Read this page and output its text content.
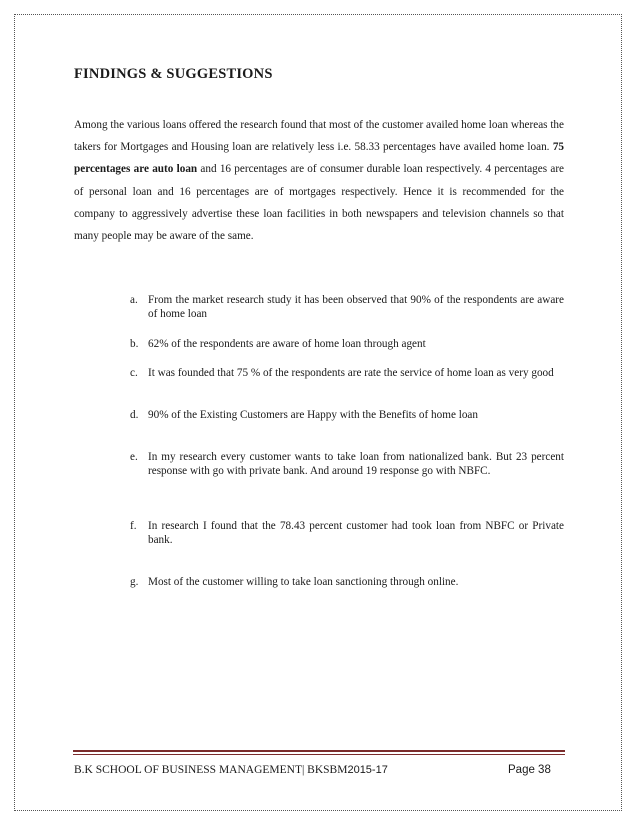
FINDINGS & SUGGESTIONS
Among the various loans offered the research found that most of the customer availed home loan whereas the takers for Mortgages and Housing loan are relatively less i.e. 58.33 percentages have availed home loan. 75 percentages are auto loan and 16 percentages are of consumer durable loan respectively. 4 percentages are of personal loan and 16 percentages are of mortgages respectively. Hence it is recommended for the company to aggressively advertise these loan facilities in both newspapers and television channels so that many people may be aware of the same.
a. From the market research study it has been observed that 90% of the respondents are aware of home loan
b. 62% of the respondents are aware of home loan through agent
c. It was founded that 75 % of the respondents are rate the service of home loan as very good
d. 90% of the Existing Customers are Happy with the Benefits of home loan
e. In my research every customer wants to take loan from nationalized bank. But 23 percent response with go with private bank. And around 19 response go with NBFC.
f.	In research I found that the 78.43 percent customer had took loan from NBFC or Private bank.
g. Most of the customer willing to take loan sanctioning through online.
B.K SCHOOL OF BUSINESS MANAGEMENT| BKSBM2015-17	Page 38
